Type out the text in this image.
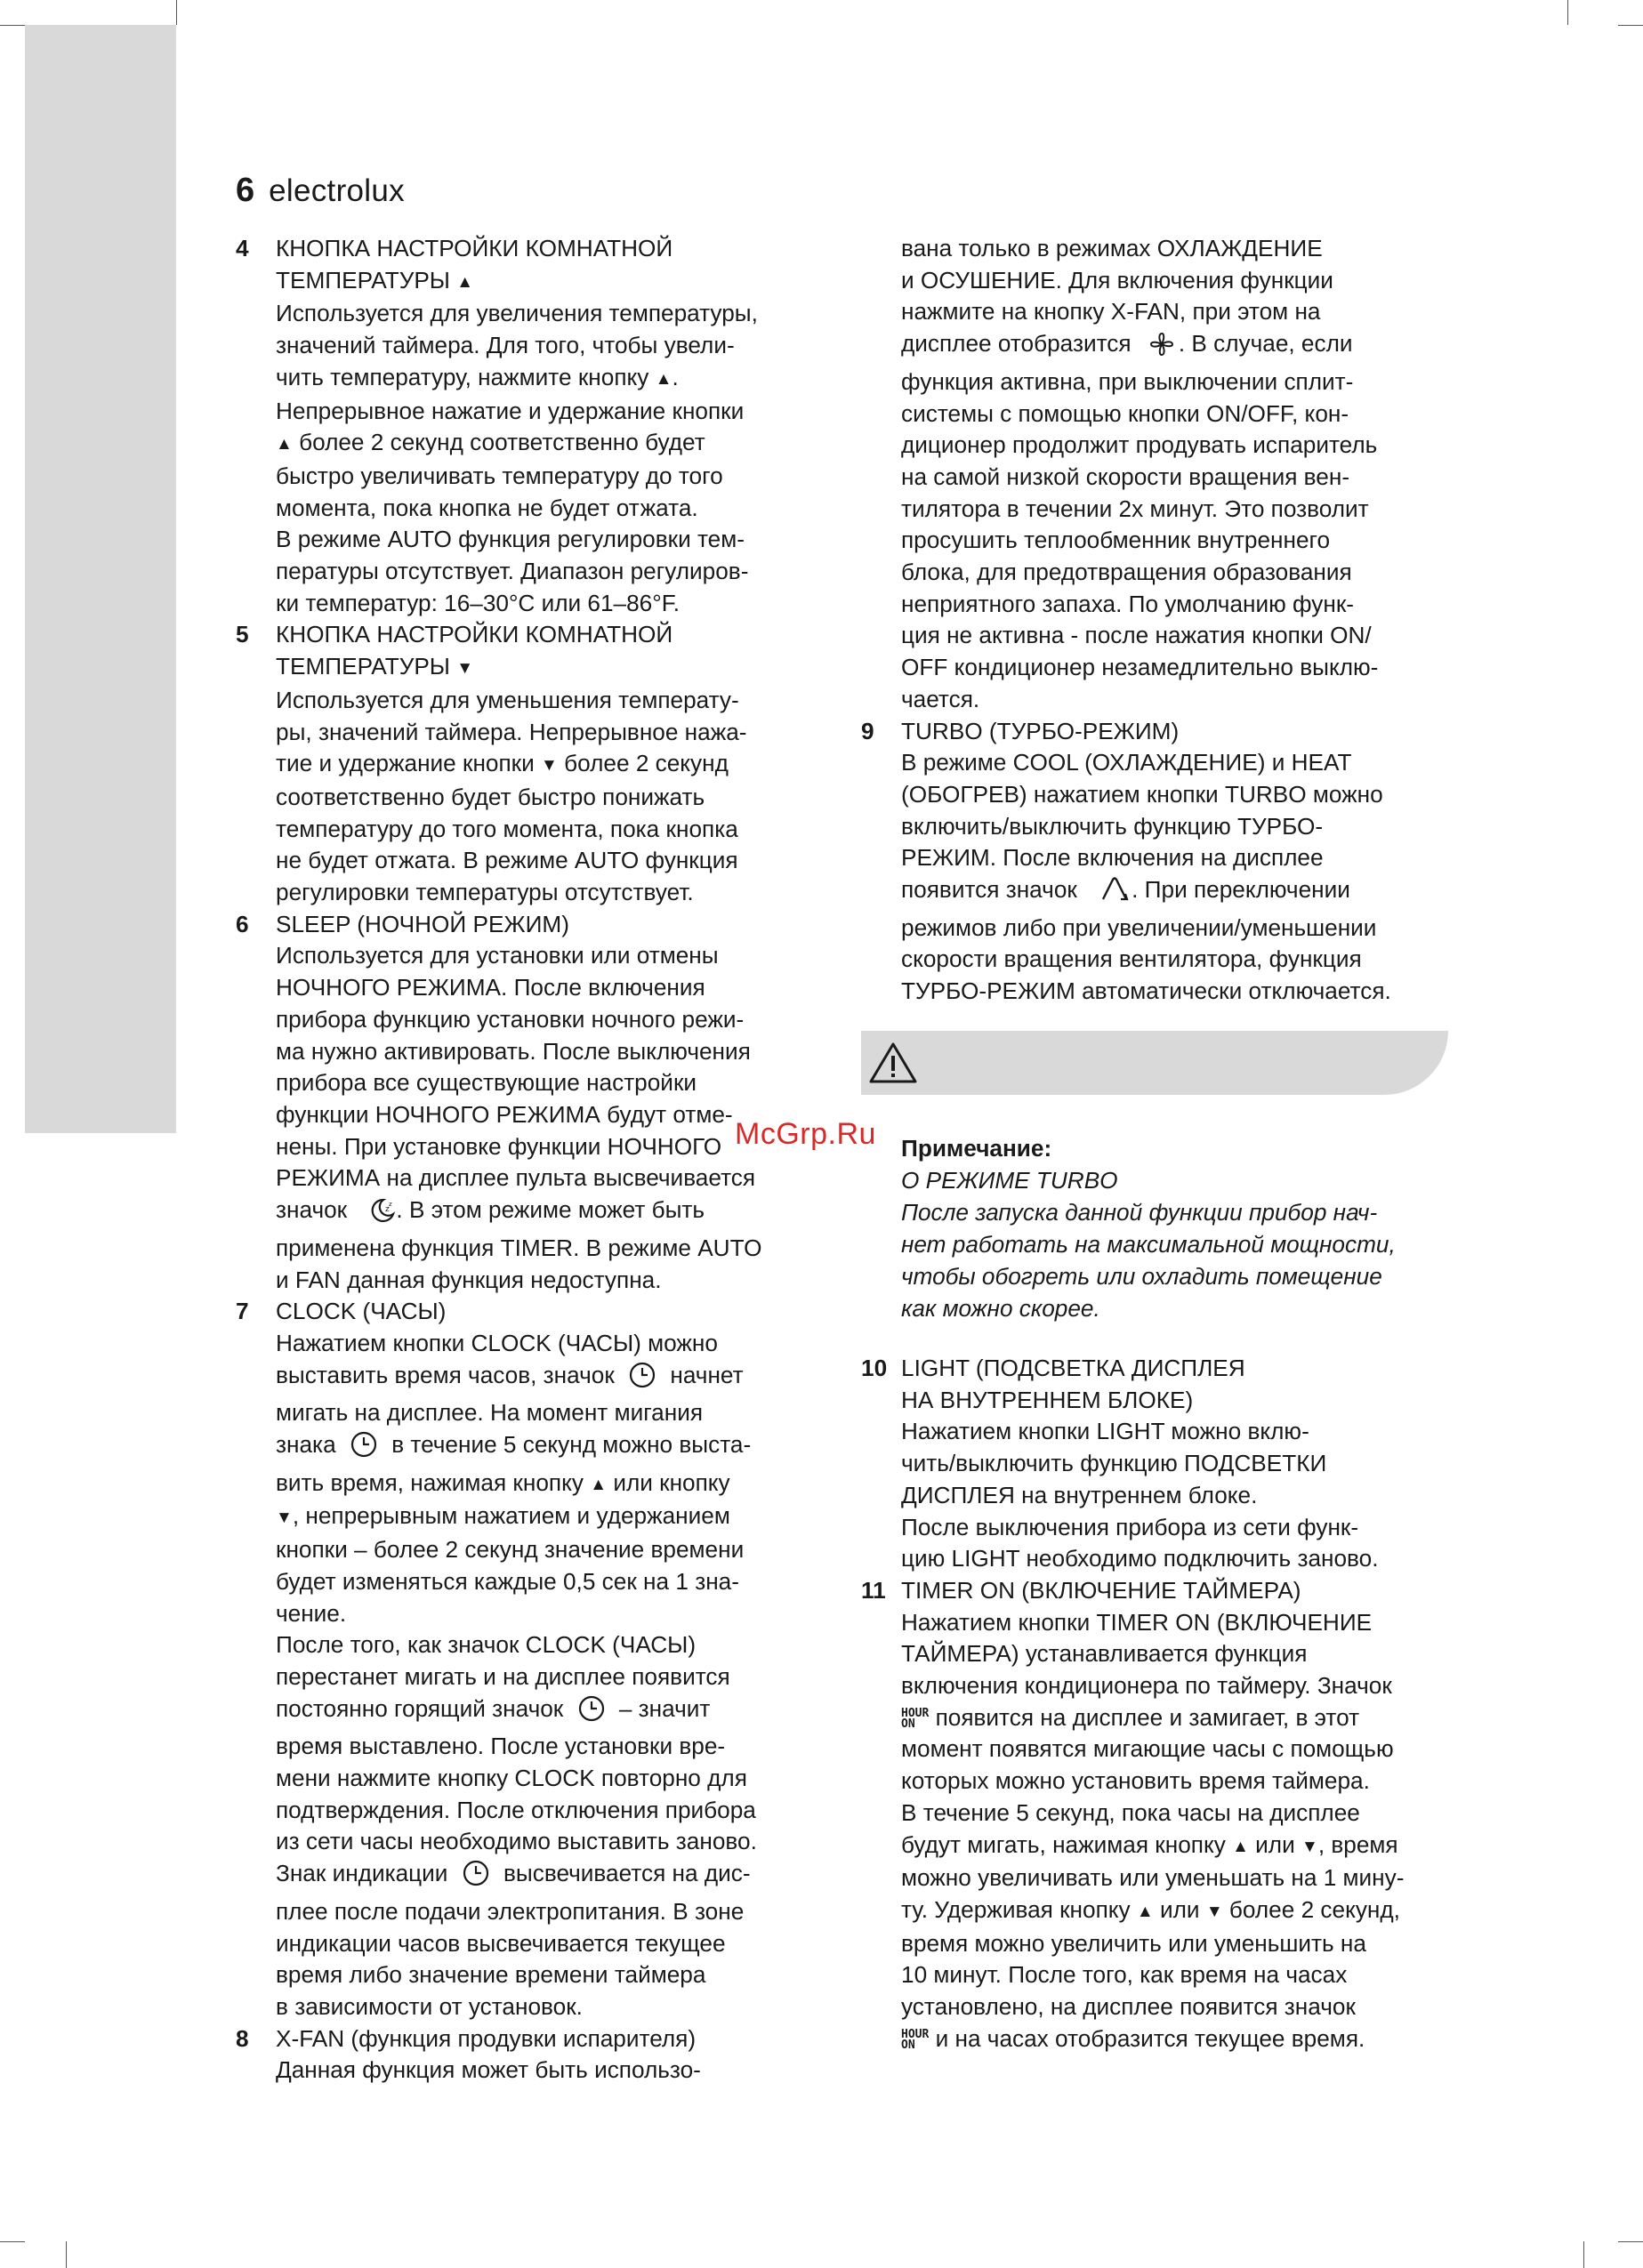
6 electrolux
4 КНОПКА НАСТРОЙКИ КОМНАТНОЙ
ТЕМПЕРАТУРЫ ▲
Используется для увеличения температуры,
значений таймера. Для того, чтобы увели-
чить температуру, нажмите кнопку ▲.
Непрерывное нажатие и удержание кнопки
▲ более 2 секунд соответственно будет
быстро увеличивать температуру до того
момента, пока кнопка не будет отжата.
В режиме AUTO функция регулировки тем-
пературы отсутствует. Диапазон регулиров-
ки температур: 16–30°C или 61–86°F.
5 КНОПКА НАСТРОЙКИ КОМНАТНОЙ
ТЕМПЕРАТУРЫ ▼
Используется для уменьшения температу-
ры, значений таймера. Непрерывное нажа-
тие и удержание кнопки ▼ более 2 секунд
соответственно будет быстро понижать
температуру до того момента, пока кнопка
не будет отжата. В режиме AUTO функция
регулировки температуры отсутствует.
6 SLEEP (НОЧНОЙ РЕЖИМ)
Используется для установки или отмены
НОЧНОГО РЕЖИМА. После включения
прибора функцию установки ночного режи-
ма нужно активировать. После выключения
прибора все существующие настройки
функции НОЧНОГО РЕЖИМА будут отме-
нены. При установке функции НОЧНОГО
РЕЖИМА на дисплее пульта высвечивается
значок	z
z . В этом режиме может быть
применена функция TIMER. В режиме AUTO
и FAN данная функция недоступна.
7 CLOCK (ЧАСЫ)
Нажатием кнопки CLOCK (ЧАСЫ) можно
выставить время часов, значок начнет
мигать на дисплее. На момент мигания
знака в течение 5 секунд можно выста-
вить время, нажимая кнопку ▲ или кнопку
▼, непрерывным нажатием и удержанием
кнопки – более 2 секунд значение времени
будет изменяться каждые 0,5 сек на 1 зна-
чение.
После того, как значок CLOCK (ЧАСЫ)
перестанет мигать и на дисплее появится
постоянно горящий значок – значит
время выставлено. После установки вре-
мени нажмите кнопку CLOCK повторно для
подтверждения. После отключения прибора
из сети часы необходимо выставить заново.
Знак индикации высвечивается на дис-
плее после подачи электропитания. В зоне
индикации часов высвечивается текущее
время либо значение времени таймера
в зависимости от установок.
8 X-FAN (функция продувки испарителя)
Данная функция может быть использо-
вана только в режимах ОХЛАЖДЕНИЕ
и ОСУШЕНИЕ. Для включения функции
нажмите на кнопку X-FAN, при этом на
дисплее отобразится . В случае, если
функция активна, при выключении сплит-
системы с помощью кнопки ON/OFF, кон-
диционер продолжит продувать испаритель
на самой низкой скорости вращения вен-
тилятора в течении 2х минут. Это позволит
просушить теплообменник внутреннего
блока, для предотвращения образования
неприятного запаха. По умолчанию функ-
ция не активна - после нажатия кнопки ON/
OFF кондиционер незамедлительно выклю-
чается.
9 TURBO (ТУРБО-РЕЖИМ)
В режиме COOL (ОХЛАЖДЕНИЕ) и HEAT
(ОБОГРЕВ) нажатием кнопки TURBO можно
включить/выключить функцию ТУРБО-
РЕЖИМ. После включения на дисплее
появится значок . При переключении
режимов либо при увеличении/уменьшении
скорости вращения вентилятора, функция
ТУРБО-РЕЖИМ автоматически отключается.
McGrp.Ru Примечание:
О РЕЖИМЕ TURBO
После запуска данной функции прибор нач-
нет работать на максимальной мощности,
чтобы обогреть или охладить помещение
как можно скорее.
10 LIGHT (ПОДСВЕТКА ДИСПЛЕЯ
НА ВНУТРЕННЕМ БЛОКЕ)
Нажатием кнопки LIGHT можно вклю-
чить/выключить функцию ПОДСВЕТКИ
ДИСПЛЕЯ на внутреннем блоке.
После выключения прибора из сети функ-
цию LIGHT необходимо подключить заново.
11 TIMER ON (ВКЛЮЧЕНИЕ ТАЙМЕРА)
Нажатием кнопки TIMER ON (ВКЛЮЧЕНИЕ
ТАЙМЕРА) устанавливается функция
включения кондиционера по таймеру. Значок
HOUR
ON появится на дисплее и замигает, в этот
момент появятся мигающие часы с помощью
которых можно установить время таймера.
В течение 5 секунд, пока часы на дисплее
будут мигать, нажимая кнопку ▲ или ▼, время
можно увеличивать или уменьшать на 1 мину-
ту. Удерживая кнопку ▲ или ▼ более 2 секунд,
время можно увеличить или уменьшить на
10 минут. После того, как время на часах
установлено, на дисплее появится значок
HOUR
ON и на часах отобразится текущее время.
